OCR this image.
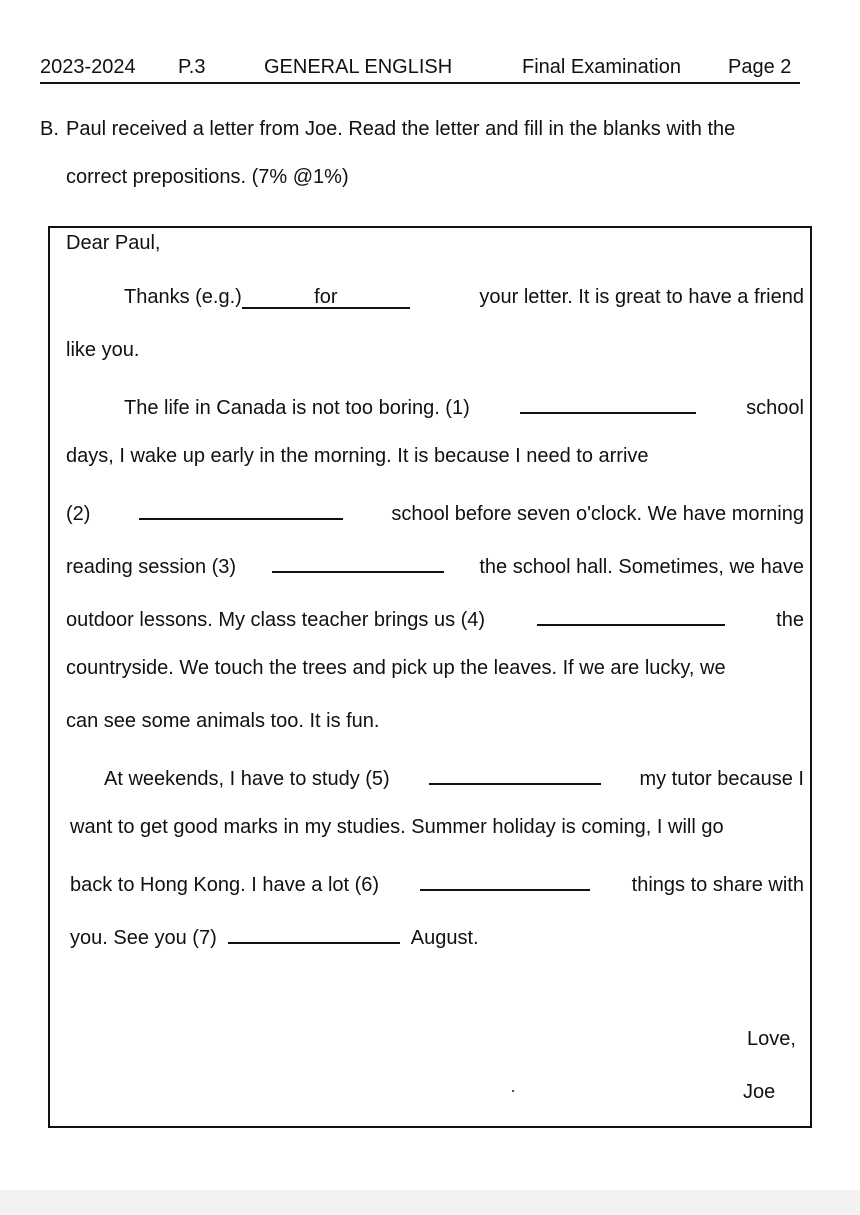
2023-2024 P.3	GENERAL ENGLISH	Final Examination Page 2
B. Paul received a letter from Joe. Read the letter and fill in the blanks with the
correct prepositions. (7% @1%)
Dear Paul,
Thanks (e.g.)	for	your letter. It is great to have a friend
like you.
The life in Canada is not too boring. (1)	school
days, I wake up early in the morning. It is because I need to arrive
(2)	school before seven o'clock. We have morning
reading session (3)	the school hall. Sometimes, we have
outdoor lessons. My class teacher brings us (4)	the
countryside. We touch the trees and pick up the leaves. If we are lucky, we
can see some animals too. It is fun.
At weekends, I have to study (5)	my tutor because I
want to get good marks in my studies. Summer holiday is coming, I will go
back to Hong Kong. I have a lot (6)	things to share with
you. See you (7)	August.
Love,
Joe
